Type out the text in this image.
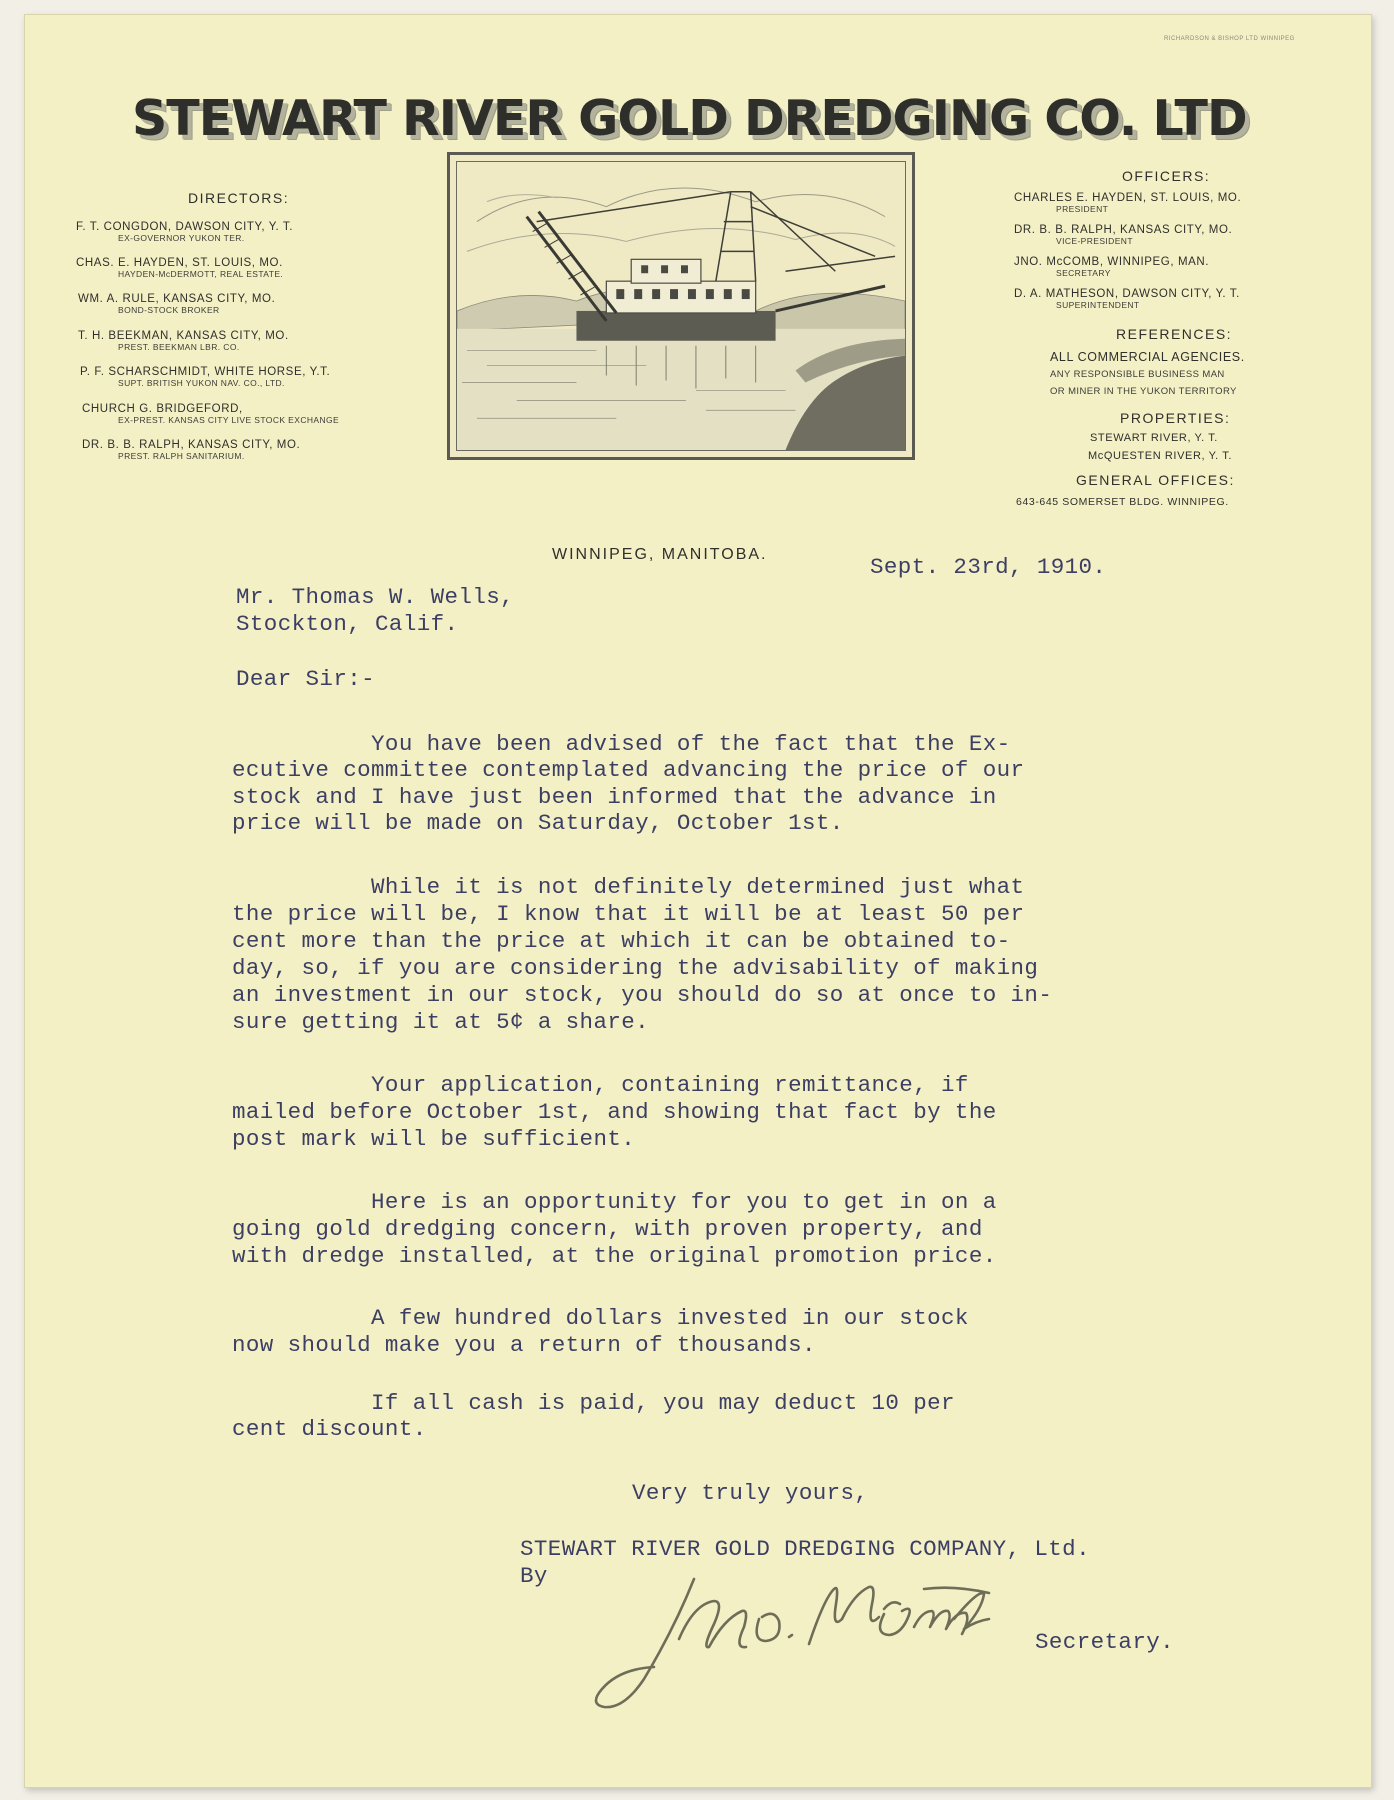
RICHARDSON & BISHOP LTD WINNIPEG
STEWART RIVER GOLD DREDGING CO. LTD
DIRECTORS:
F. T. CONGDON, DAWSON CITY, Y. T.
EX-GOVERNOR YUKON TER.
CHAS. E. HAYDEN, ST. LOUIS, MO.
HAYDEN-McDERMOTT, REAL ESTATE.
WM. A. RULE, KANSAS CITY, MO.
BOND-STOCK BROKER
T. H. BEEKMAN, KANSAS CITY, MO.
PREST. BEEKMAN LBR. CO.
P. F. SCHARSCHMIDT, WHITE HORSE, Y.T.
SUPT. BRITISH YUKON NAV. CO., LTD.
CHURCH G. BRIDGEFORD,
EX-PREST. KANSAS CITY LIVE STOCK EXCHANGE
DR. B. B. RALPH, KANSAS CITY, MO.
PREST. RALPH SANITARIUM.
OFFICERS:
CHARLES E. HAYDEN, ST. LOUIS, MO.
PRESIDENT
DR. B. B. RALPH, KANSAS CITY, MO.
VICE-PRESIDENT
JNO. McCOMB, WINNIPEG, MAN.
SECRETARY
D. A. MATHESON, DAWSON CITY, Y. T.
SUPERINTENDENT
REFERENCES:
ALL COMMERCIAL AGENCIES.
ANY RESPONSIBLE BUSINESS MAN
OR MINER IN THE YUKON TERRITORY
PROPERTIES:
STEWART RIVER, Y. T.
McQUESTEN RIVER, Y. T.
GENERAL OFFICES:
643-645 SOMERSET BLDG. WINNIPEG.
WINNIPEG, MANITOBA.	Sept. 23rd, 1910.
Mr. Thomas W. Wells,
Stockton, Calif.
Dear Sir:-
You have been advised of the fact that the Ex-
ecutive committee contemplated advancing the price of our
stock and I have just been informed that the advance in
price will be made on Saturday, October 1st.
While it is not definitely determined just what
the price will be, I know that it will be at least 50 per
cent more than the price at which it can be obtained to-
day, so, if you are considering the advisability of making
an investment in our stock, you should do so at once to in-
sure getting it at 5¢ a share.
Your application, containing remittance, if
mailed before October 1st, and showing that fact by the
post mark will be sufficient.
Here is an opportunity for you to get in on a
going gold dredging concern, with proven property, and
with dredge installed, at the original promotion price.
A few hundred dollars invested in our stock
now should make you a return of thousands.
If all cash is paid, you may deduct 10 per
cent discount.
Very truly yours,
STEWART RIVER GOLD DREDGING COMPANY, Ltd.
By
Secretary.
